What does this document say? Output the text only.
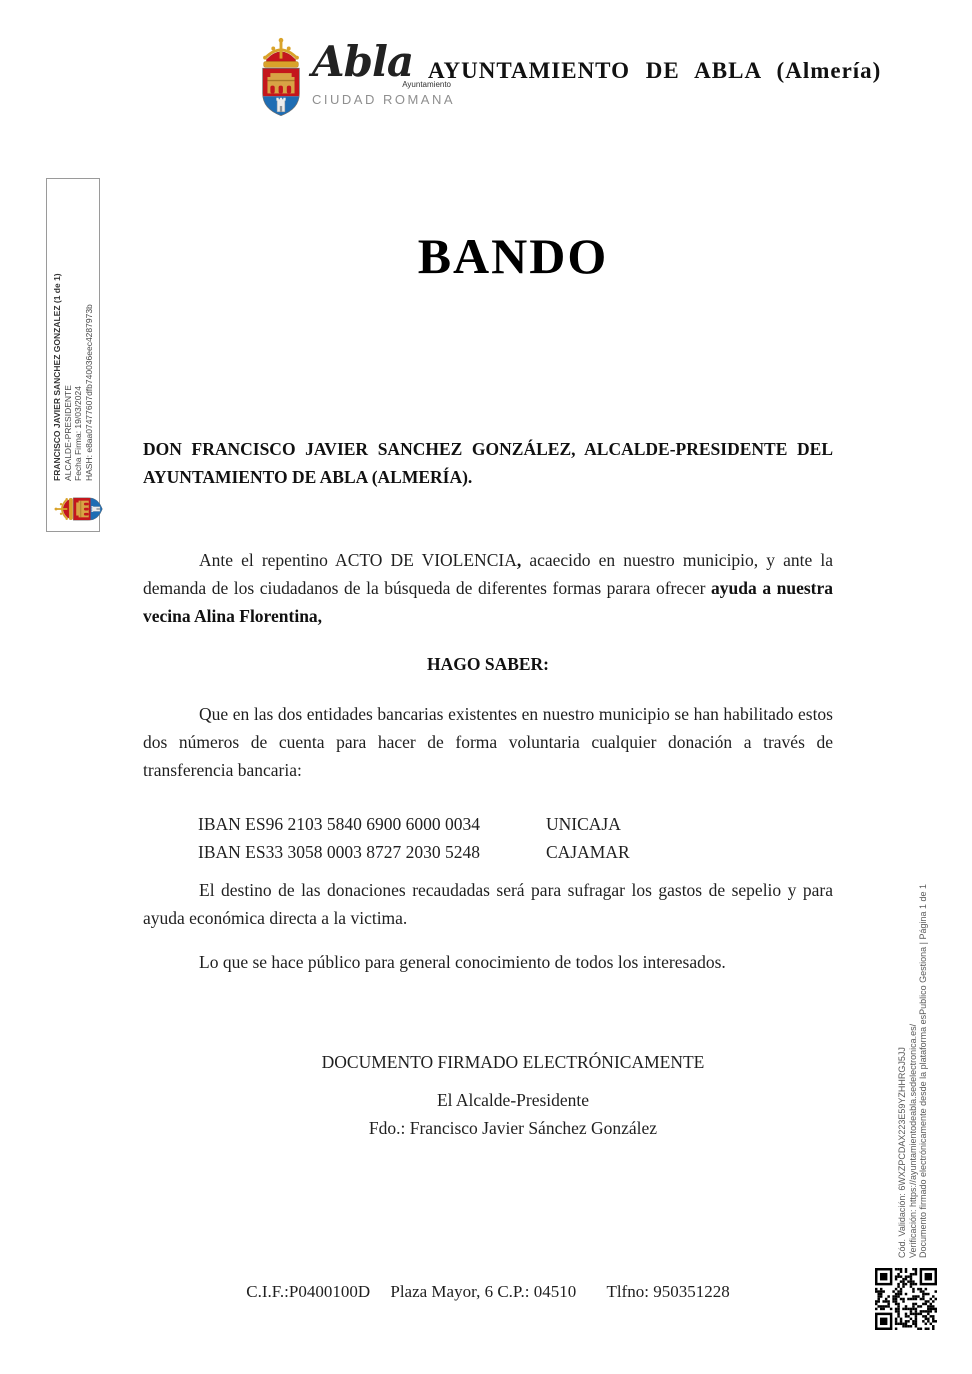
Abla
Ayuntamiento
CIUDAD ROMANA
AYUNTAMIENTO DE ABLA (Almería)
FRANCISCO JAVIER SANCHEZ GONZALEZ (1 de 1) ALCALDE-PRESIDENTE Fecha Firma: 19/03/2024 HASH: e8aa07477607dfb740036eec4287973b
BANDO

DON FRANCISCO JAVIER SANCHEZ GONZÁLEZ, ALCALDE-PRESIDENTE DEL AYUNTAMIENTO DE ABLA (ALMERÍA).

Ante el repentino ACTO DE VIOLENCIA, acaecido en nuestro municipio, y ante la demanda de los ciudadanos de la búsqueda de diferentes formas parara ofrecer ayuda a nuestra vecina Alina Florentina,

HAGO SABER:

Que en las dos entidades bancarias existentes en nuestro municipio se han habilitado estos dos números de cuenta para hacer de forma voluntaria cualquier donación a través de transferencia bancaria:

IBAN ES96 2103 5840 6900 6000 0034	UNICAJA
IBAN ES33 3058 0003 8727 2030 5248	CAJAMAR

El destino de las donaciones recaudadas será para sufragar los gastos de sepelio y para ayuda económica directa a la victima.

Lo que se hace público para general conocimiento de todos los interesados.

DOCUMENTO FIRMADO ELECTRÓNICAMENTE

El Alcalde-Presidente
Fdo.: Francisco Javier Sánchez González	Cód. Validación: 6WXZPCDAX223E59YZHHRGJ5JJ Verificación: https://ayuntamientodeabla.sedelectronica.es/ Documento firmado electrónicamente desde la plataforma esPublico Gestiona | Página 1 de 1
C.I.F.:P0400100D Plaza Mayor, 6 C.P.: 04510 Tlfno: 950351228
